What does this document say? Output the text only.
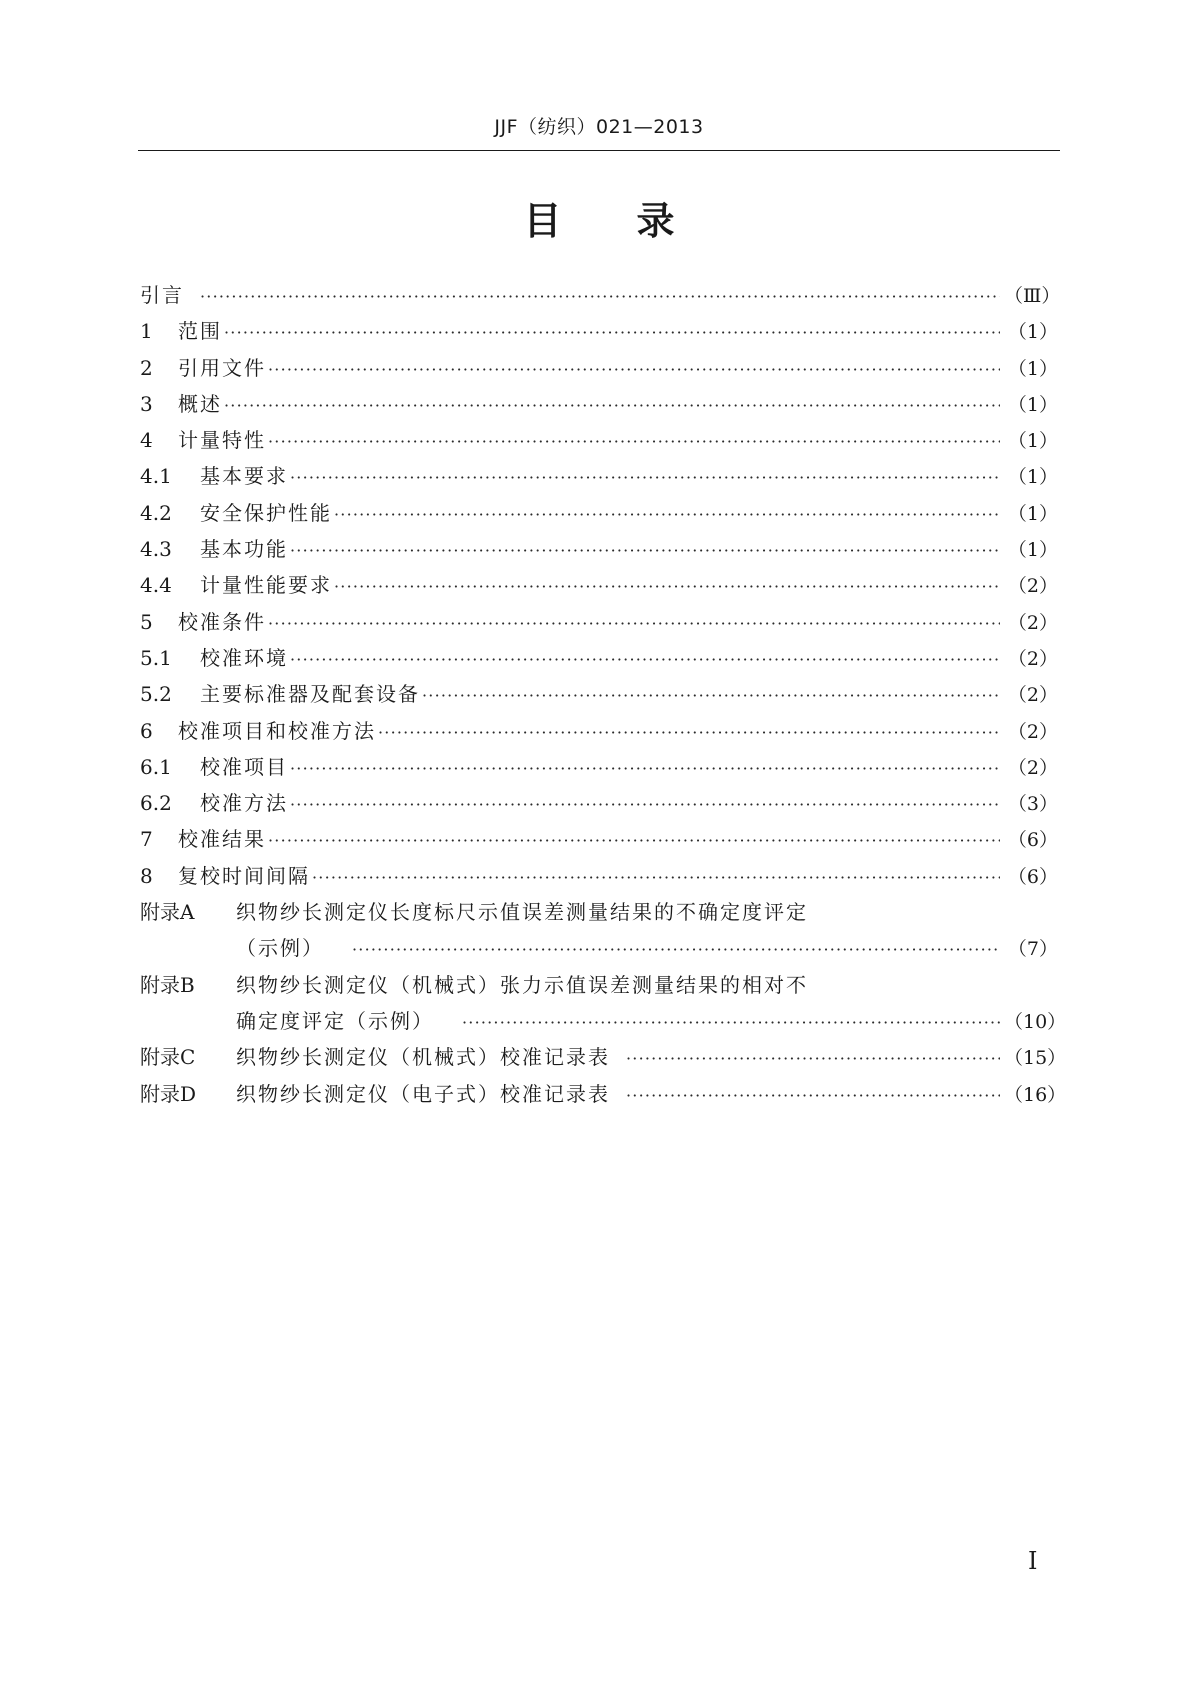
JJF（纺织）021—2013
目 录
引言 ·····	（Ⅲ）
1	范围 ·····	（1）
2	引用文件 ·····	（1）
3	概述 ·····	（1）
4	计量特性 ·····	（1）
4.1	基本要求 ·····	（1）
4.2	安全保护性能 ·····	（1）
4.3	基本功能 ·····	（1）
4.4	计量性能要求 ·····	（2）
5	校准条件 ·····	（2）
5.1	校准环境 ·····	（2）
5.2	主要标准器及配套设备 ·····	（2）
6	校准项目和校准方法 ·····	（2）
6.1	校准项目 ·····	（2）
6.2	校准方法 ·····	（3）
7	校准结果 ·····	（6）
8	复校时间间隔 ·····	（6）
附录A	织物纱长测定仪长度标尺示值误差测量结果的不确定度评定
（示例） ·····	（7）
附录B	织物纱长测定仪（机械式）张力示值误差测量结果的相对不
确定度评定（示例） ·····	（10）
附录C	织物纱长测定仪（机械式）校准记录表 ·····	（15）
附录D	织物纱长测定仪（电子式）校准记录表 ·····	（16）
I
